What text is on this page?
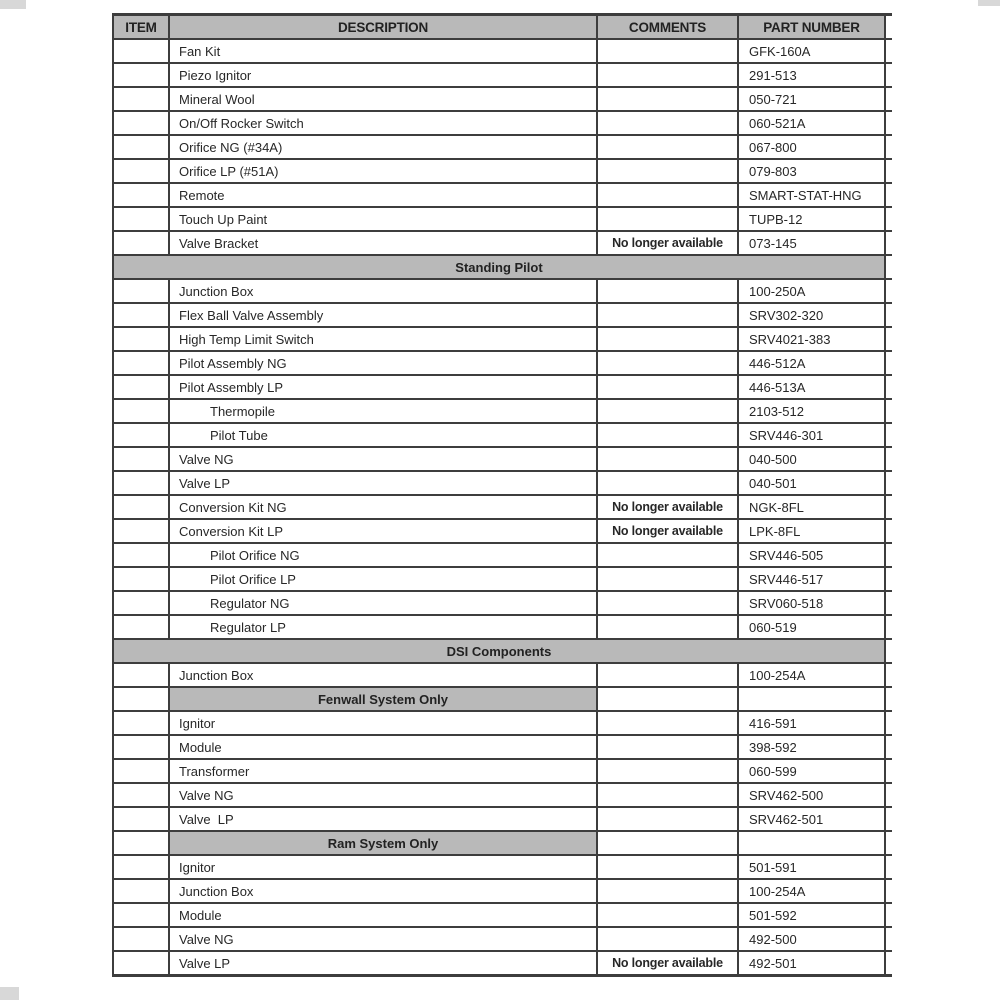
ITEM	DESCRIPTION	COMMENTS	PART NUMBER	
	Fan Kit		GFK-160A	
	Piezo Ignitor		291-513	
	Mineral Wool		050-721	
	On/Off Rocker Switch		060-521A	
	Orifice NG (#34A)		067-800	
	Orifice LP (#51A)		079-803	
	Remote		SMART-STAT-HNG	
	Touch Up Paint		TUPB-12	
	Valve Bracket	No longer available	073-145	
Standing Pilot				
	Junction Box		100-250A	
	Flex Ball Valve Assembly		SRV302-320	
	High Temp Limit Switch		SRV4021-383	
	Pilot Assembly NG		446-512A	
	Pilot Assembly LP		446-513A	
	Thermopile		2103-512	
	Pilot Tube		SRV446-301	
	Valve NG		040-500	
	Valve LP		040-501	
	Conversion Kit NG	No longer available	NGK-8FL	
	Conversion Kit LP	No longer available	LPK-8FL	
	Pilot Orifice NG		SRV446-505	
	Pilot Orifice LP		SRV446-517	
	Regulator NG		SRV060-518	
	Regulator LP		060-519	
DSI Components				
	Junction Box		100-254A	
	Fenwall System Only			
	Ignitor		416-591	
	Module		398-592	
	Transformer		060-599	
	Valve NG		SRV462-500	
	Valve  LP		SRV462-501	
	Ram System Only			
	Ignitor		501-591	
	Junction Box		100-254A	
	Module		501-592	
	Valve NG		492-500	
	Valve LP	No longer available	492-501	
